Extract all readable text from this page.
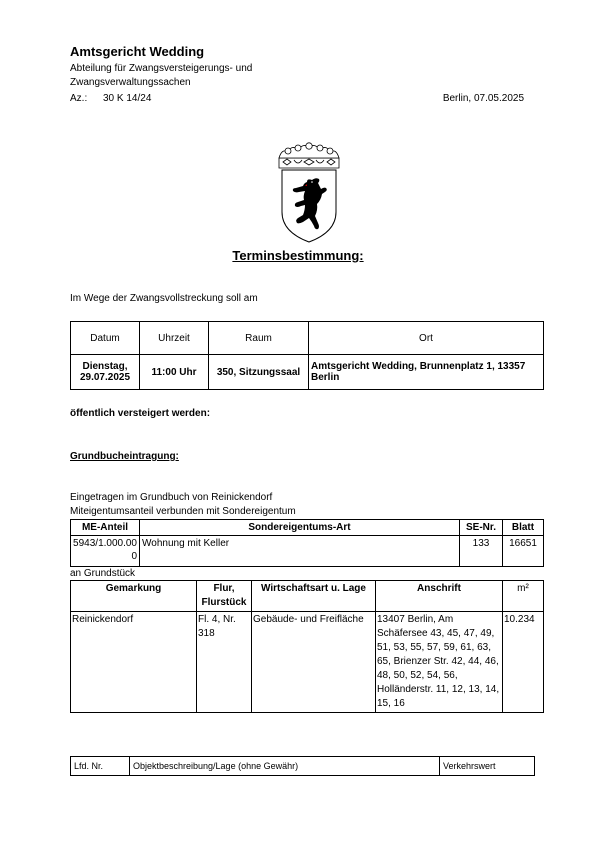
Amtsgericht Wedding
Abteilung für Zwangsversteigerungs- und Zwangsverwaltungssachen
Az.: 30 K 14/24	Berlin, 07.05.2025
Terminsbestimmung:
Im Wege der Zwangsvollstreckung soll am
Datum	Uhrzeit	Raum	Ort
Dienstag,
29.07.2025	11:00 Uhr	350, Sitzungssaal	Amtsgericht Wedding, Brunnenplatz 1, 13357 Berlin
öffentlich versteigert werden:
Grundbucheintragung:
Eingetragen im Grundbuch von Reinickendorf
Miteigentumsanteil verbunden mit Sondereigentum
ME-Anteil	Sondereigentums-Art	SE-Nr.	Blatt
5943/1.000.000	Wohnung mit Keller	133	16651
an Grundstück
Gemarkung	Flur, Flurstück	Wirtschaftsart u. Lage	Anschrift	m²
Reinickendorf	Fl. 4, Nr. 318	Gebäude- und Freifläche	13407 Berlin, Am Schäfersee 43, 45, 47, 49, 51, 53, 55, 57, 59, 61, 63, 65, Brienzer Str. 42, 44, 46, 48, 50, 52, 54, 56, Holländerstr. 11, 12, 13, 14, 15, 16	10.234
Lfd. Nr.	Objektbeschreibung/Lage (ohne Gewähr)	Verkehrswert
